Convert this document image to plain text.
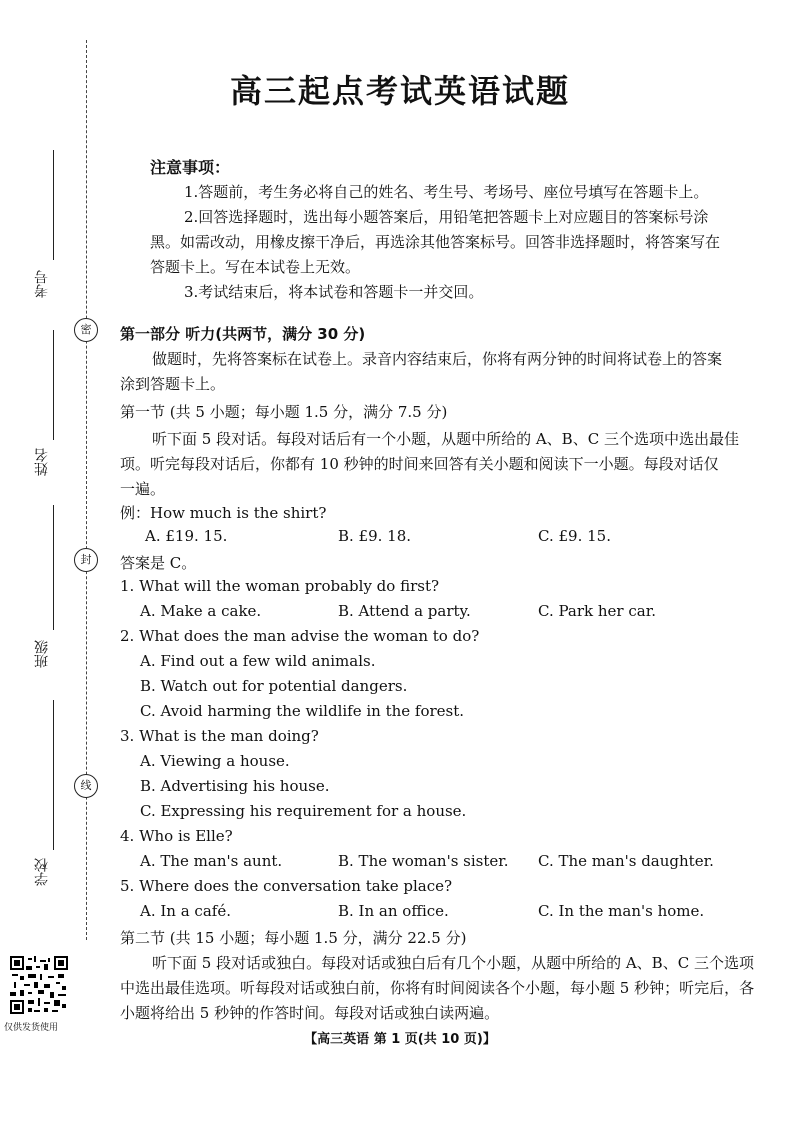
密
封
线
考号
姓名
班级
学校
仅供发货使用
高三起点考试英语试题
注意事项：
1.答题前，考生务必将自己的姓名、考生号、考场号、座位号填写在答题卡上。
2.回答选择题时，选出每小题答案后，用铅笔把答题卡上对应题目的答案标号涂
黑。如需改动，用橡皮擦干净后，再选涂其他答案标号。回答非选择题时，将答案写在
答题卡上。写在本试卷上无效。
3.考试结束后，将本试卷和答题卡一并交回。
第一部分 听力(共两节，满分 30 分)
做题时，先将答案标在试卷上。录音内容结束后，你将有两分钟的时间将试卷上的答案
涂到答题卡上。
第一节 (共 5 小题；每小题 1.5 分，满分 7.5 分)
听下面 5 段对话。每段对话后有一个小题，从题中所给的 A、B、C 三个选项中选出最佳
项。听完每段对话后，你都有 10 秒钟的时间来回答有关小题和阅读下一小题。每段对话仅
一遍。
例：How much is the shirt?
A. £19. 15.	B. £9. 18.	C. £9. 15.
答案是 C。
1. What will the woman probably do first?
A. Make a cake.	B. Attend a party.	C. Park her car.
2. What does the man advise the woman to do?
A. Find out a few wild animals.
B. Watch out for potential dangers.
C. Avoid harming the wildlife in the forest.
3. What is the man doing?
A. Viewing a house.
B. Advertising his house.
C. Expressing his requirement for a house.
4. Who is Elle?
A. The man's aunt.	B. The woman's sister. C. The man's daughter.
5. Where does the conversation take place?
A. In a café.	B. In an office.	C. In the man's home.
第二节 (共 15 小题；每小题 1.5 分，满分 22.5 分)
听下面 5 段对话或独白。每段对话或独白后有几个小题，从题中所给的 A、B、C 三个选项
中选出最佳选项。听每段对话或独白前，你将有时间阅读各个小题，每小题 5 秒钟；听完后，各
小题将给出 5 秒钟的作答时间。每段对话或独白读两遍。
【高三英语 第 1 页(共 10 页)】
